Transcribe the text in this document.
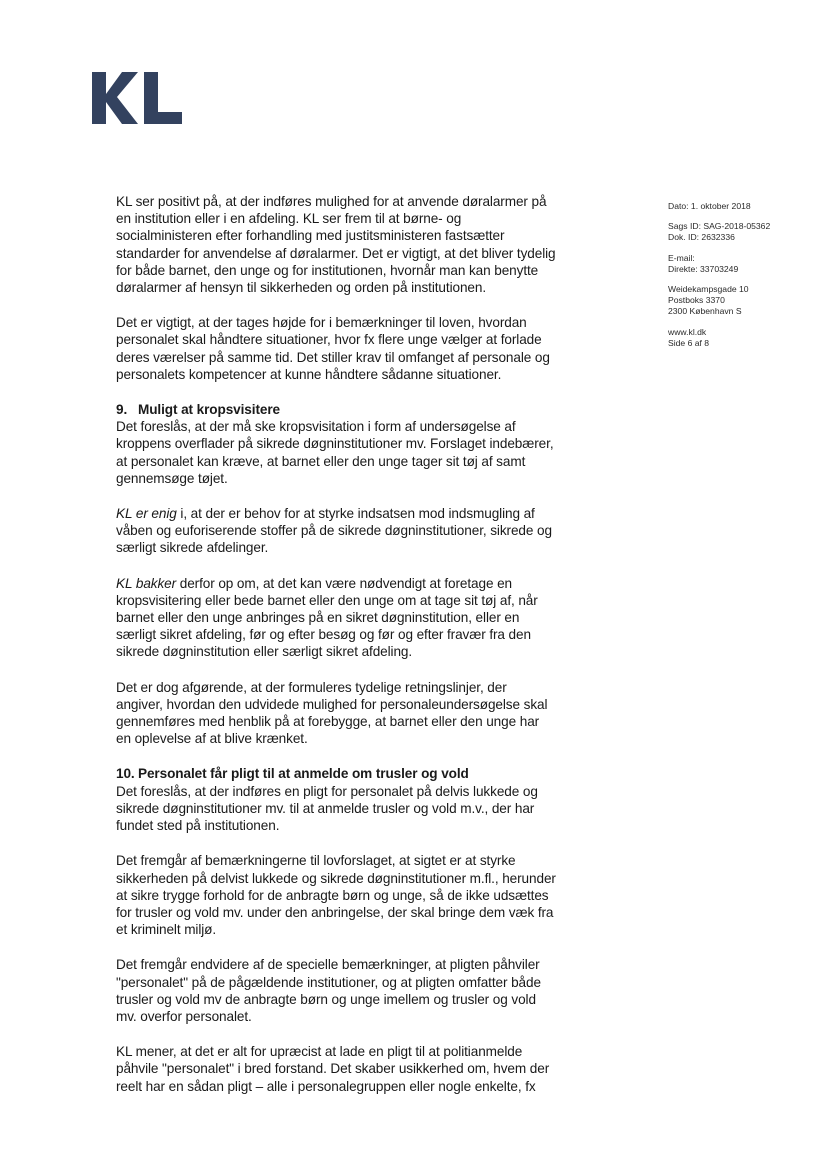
KL ser positivt på, at der indføres mulighed for at anvende døralarmer på en institution eller i en afdeling. KL ser frem til at børne- og socialministeren efter forhandling med justitsministeren fastsætter standarder for anvendelse af døralarmer. Det er vigtigt, at det bliver tydelig for både barnet, den unge og for institutionen, hvornår man kan benytte døralarmer af hensyn til sikkerheden og orden på institutionen.

Det er vigtigt, at der tages højde for i bemærkninger til loven, hvordan personalet skal håndtere situationer, hvor fx flere unge vælger at forlade deres værelser på samme tid. Det stiller krav til omfanget af personale og personalets kompetencer at kunne håndtere sådanne situationer.

9. Muligt at kropsvisitere

Det foreslås, at der må ske kropsvisitation i form af undersøgelse af kroppens overflader på sikrede døgninstitutioner mv. Forslaget indebærer, at personalet kan kræve, at barnet eller den unge tager sit tøj af samt gennemsøge tøjet.

KL er enig i, at der er behov for at styrke indsatsen mod indsmugling af våben og euforiserende stoffer på de sikrede døgninstitutioner, sikrede og særligt sikrede afdelinger.

KL bakker derfor op om, at det kan være nødvendigt at foretage en kropsvisitering eller bede barnet eller den unge om at tage sit tøj af, når barnet eller den unge anbringes på en sikret døgninstitution, eller en særligt sikret afdeling, før og efter besøg og før og efter fravær fra den sikrede døgninstitution eller særligt sikret afdeling.

Det er dog afgørende, at der formuleres tydelige retningslinjer, der angiver, hvordan den udvidede mulighed for personaleundersøgelse skal gennemføres med henblik på at forebygge, at barnet eller den unge har en oplevelse af at blive krænket.

10. Personalet får pligt til at anmelde om trusler og vold

Det foreslås, at der indføres en pligt for personalet på delvis lukkede og sikrede døgninstitutioner mv. til at anmelde trusler og vold m.v., der har fundet sted på institutionen.

Det fremgår af bemærkningerne til lovforslaget, at sigtet er at styrke sikkerheden på delvist lukkede og sikrede døgninstitutioner m.fl., herunder at sikre trygge forhold for de anbragte børn og unge, så de ikke udsættes for trusler og vold mv. under den anbringelse, der skal bringe dem væk fra et kriminelt miljø.

Det fremgår endvidere af de specielle bemærkninger, at pligten påhviler "personalet" på de pågældende institutioner, og at pligten omfatter både trusler og vold mv de anbragte børn og unge imellem og trusler og vold mv. overfor personalet.

KL mener, at det er alt for upræcist at lade en pligt til at politianmelde påhvile "personalet" i bred forstand. Det skaber usikkerhed om, hvem der reelt har en sådan pligt – alle i personalegruppen eller nogle enkelte, fx

Dato: 1. oktober 2018
Sags ID: SAG-2018-05362
Dok. ID: 2632336
E-mail:
Direkte: 33703249
Weidekampsgade 10
Postboks 3370
2300 København S
www.kl.dk
Side 6 af 8
